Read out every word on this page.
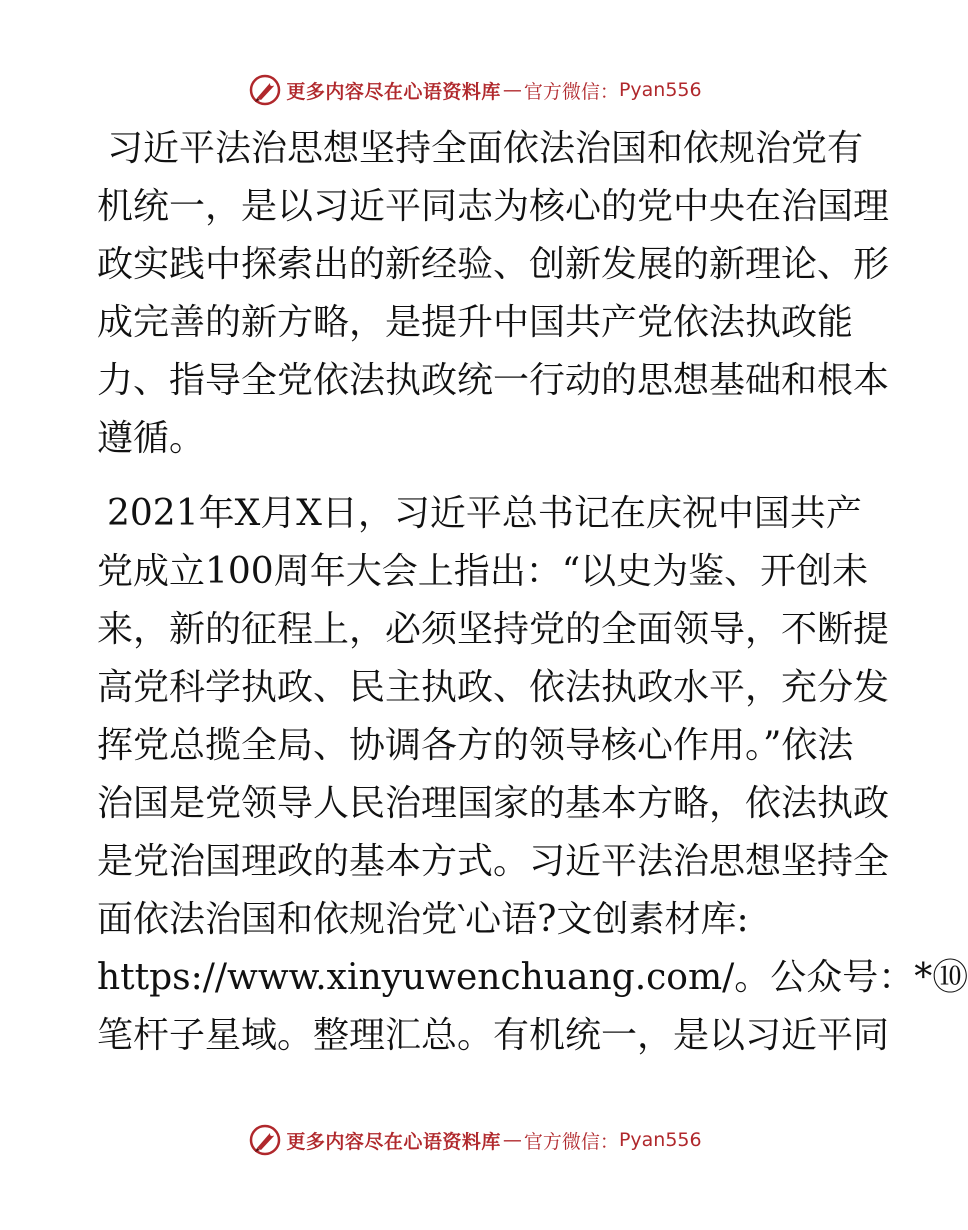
更多内容尽在心语资料库 — 官方微信： Pyan556
习近平法治思想坚持全面依法治国和依规治党有
机统一，是以习近平同志为核心的党中央在治国理
政实践中探索出的新经验、创新发展的新理论、形
成完善的新方略，是提升中国共产党依法执政能
力、指导全党依法执政统一行动的思想基础和根本
遵循。
2021年X月X日，习近平总书记在庆祝中国共产
党成立100周年大会上指出：“以史为鉴、开创未
来，新的征程上，必须坚持党的全面领导，不断提
高党科学执政、民主执政、依法执政水平，充分发
挥党总揽全局、协调各方的领导核心作用。”依法
治国是党领导人民治理国家的基本方略，依法执政
是党治国理政的基本方式。习近平法治思想坚持全
面依法治国和依规治党‵心语?文创素材库:
https://www.xinyuwenchuang.com/。公众号：*⑩
笔杆子星域。整理汇总。有机统一，是以习近平同
更多内容尽在心语资料库 — 官方微信： Pyan556
